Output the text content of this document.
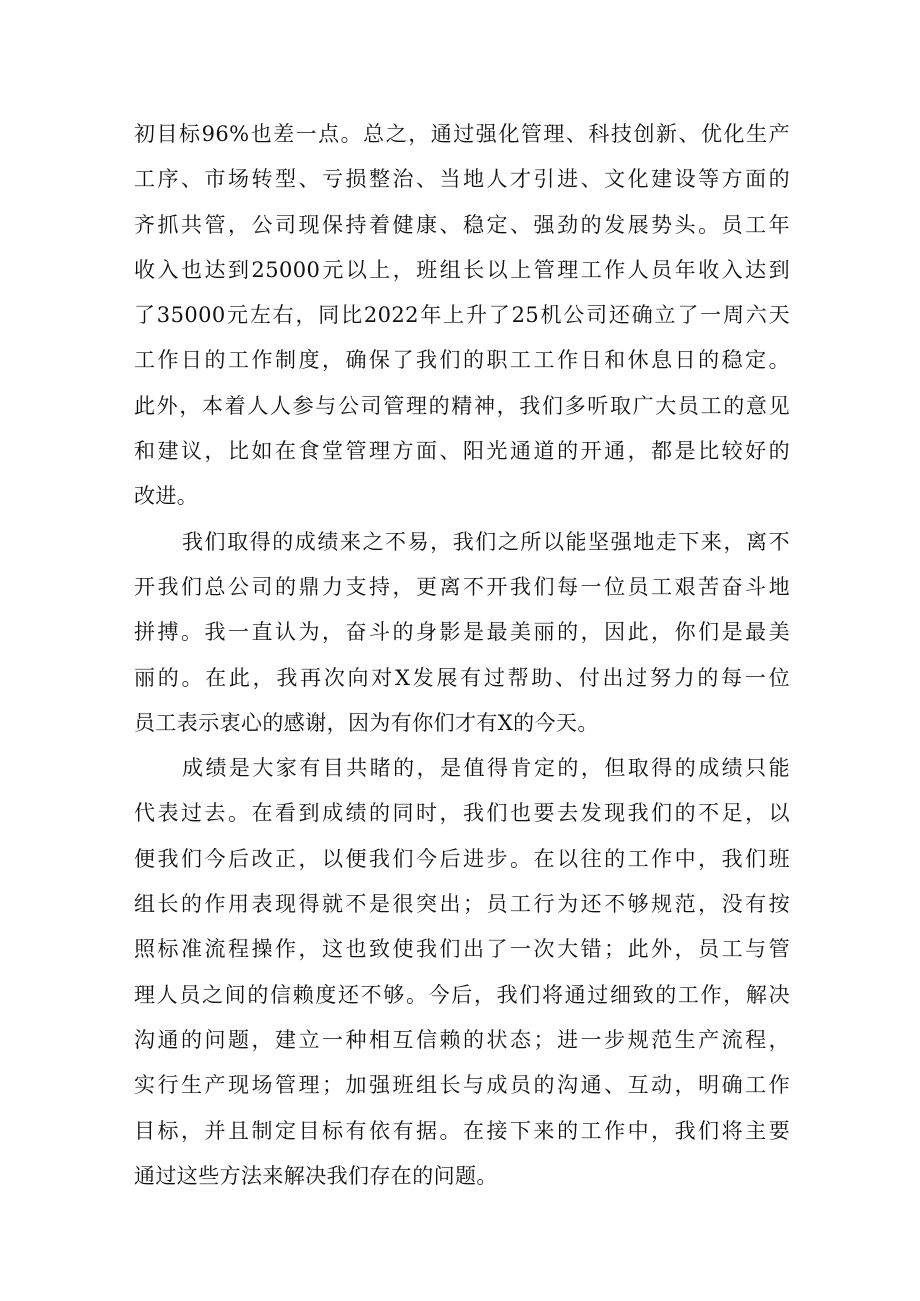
初目标96%也差一点。总之，通过强化管理、科技创新、优化生产
工序、市场转型、亏损整治、当地人才引进、文化建设等方面的
齐抓共管，公司现保持着健康、稳定、强劲的发展势头。员工年
收入也达到25000元以上，班组长以上管理工作人员年收入达到
了35000元左右，同比2022年上升了25机公司还确立了一周六天
工作日的工作制度，确保了我们的职工工作日和休息日的稳定。
此外，本着人人参与公司管理的精神，我们多听取广大员工的意见
和建议，比如在食堂管理方面、阳光通道的开通，都是比较好的
改进。
我们取得的成绩来之不易，我们之所以能坚强地走下来，离不
开我们总公司的鼎力支持，更离不开我们每一位员工艰苦奋斗地
拼搏。我一直认为，奋斗的身影是最美丽的，因此，你们是最美
丽的。在此，我再次向对X发展有过帮助、付出过努力的每一位
员工表示衷心的感谢，因为有你们才有X的今天。
成绩是大家有目共睹的，是值得肯定的，但取得的成绩只能
代表过去。在看到成绩的同时，我们也要去发现我们的不足，以
便我们今后改正，以便我们今后进步。在以往的工作中，我们班
组长的作用表现得就不是很突出；员工行为还不够规范，没有按
照标准流程操作，这也致使我们出了一次大错；此外，员工与管
理人员之间的信赖度还不够。今后，我们将通过细致的工作，解决
沟通的问题，建立一种相互信赖的状态；进一步规范生产流程，
实行生产现场管理；加强班组长与成员的沟通、互动，明确工作
目标，并且制定目标有依有据。在接下来的工作中，我们将主要
通过这些方法来解决我们存在的问题。
